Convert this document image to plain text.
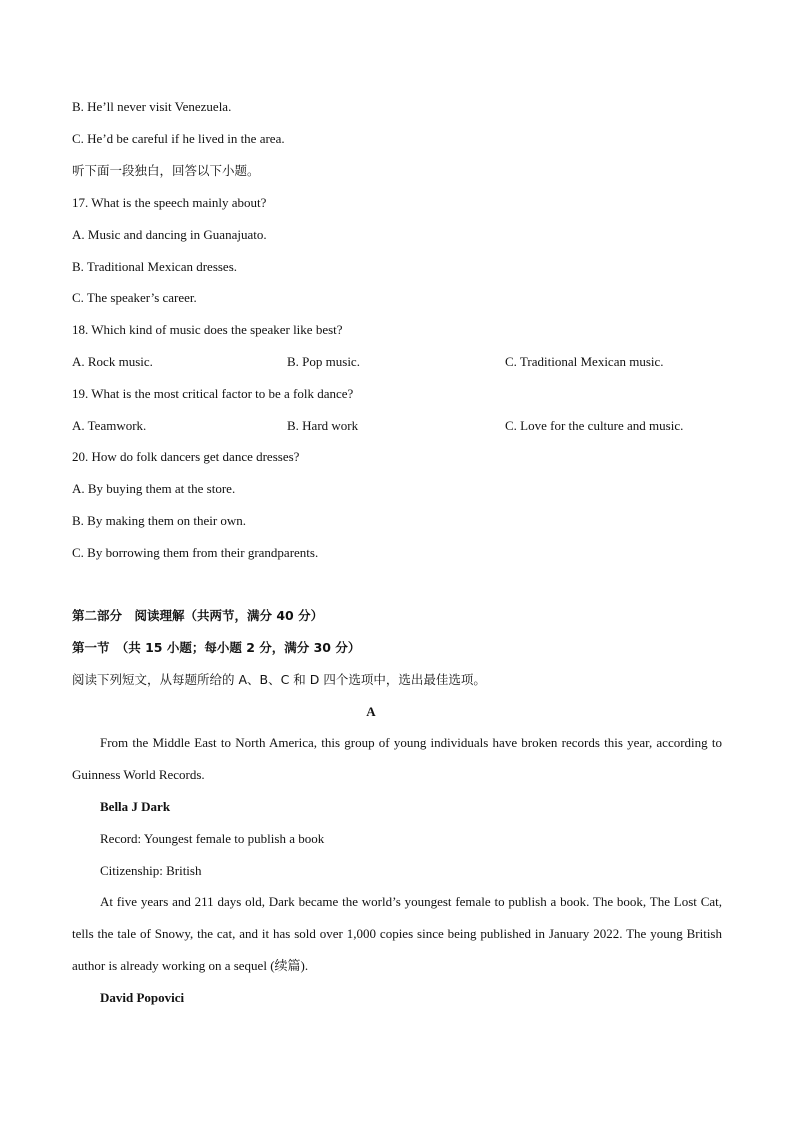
B. He’ll never visit Venezuela.
C. He’d be careful if he lived in the area.
听下面一段独白，回答以下小题。
17. What is the speech mainly about?
A. Music and dancing in Guanajuato.
B. Traditional Mexican dresses.
C. The speaker’s career.
18. Which kind of music does the speaker like best?
A. Rock music.	B. Pop music.	C. Traditional Mexican music.
19. What is the most critical factor to be a folk dance?
A. Teamwork.	B. Hard work	C. Love for the culture and music.
20. How do folk dancers get dance dresses?
A. By buying them at the store.
B. By making them on their own.
C. By borrowing them from their grandparents.
第二部分　阅读理解（共两节，满分 40 分）
第一节　（共 15 小题；每小题 2 分，满分 30 分）
阅读下列短文，从每题所给的 A、B、C 和 D 四个选项中，选出最佳选项。
A
From the Middle East to North America, this group of young individuals have broken records this year, according to Guinness World Records.
Bella J Dark
Record: Youngest female to publish a book
Citizenship: British
At five years and 211 days old, Dark became the world’s youngest female to publish a book. The book, The Lost Cat, tells the tale of Snowy, the cat, and it has sold over 1,000 copies since being published in January 2022. The young British author is already working on a sequel (续篇).
David Popovici
